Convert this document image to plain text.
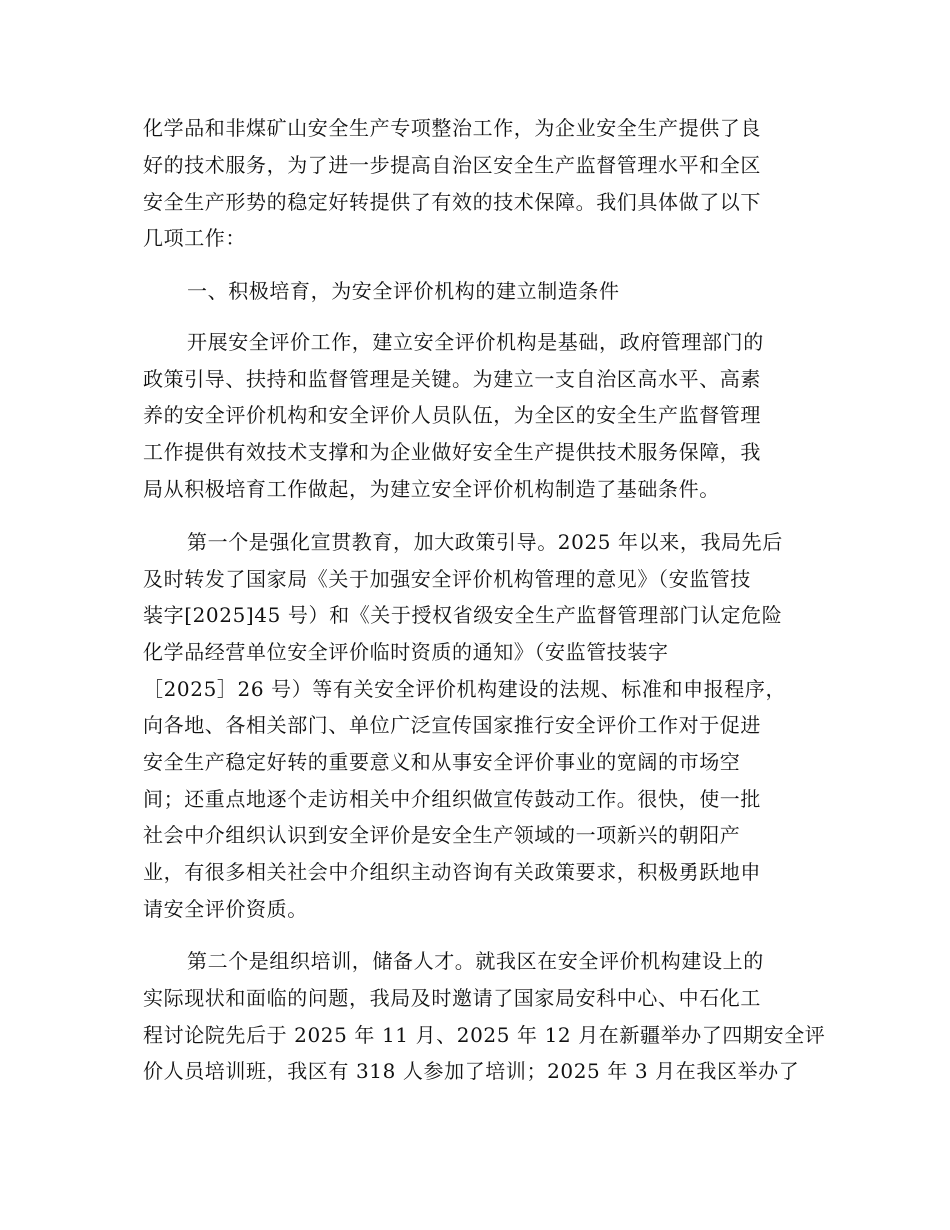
化学品和非煤矿山安全生产专项整治工作，为企业安全生产提供了良
好的技术服务，为了进一步提高自治区安全生产监督管理水平和全区
安全生产形势的稳定好转提供了有效的技术保障。我们具体做了以下
几项工作：
一、积极培育，为安全评价机构的建立制造条件
开展安全评价工作，建立安全评价机构是基础，政府管理部门的
政策引导、扶持和监督管理是关键。为建立一支自治区高水平、高素
养的安全评价机构和安全评价人员队伍，为全区的安全生产监督管理
工作提供有效技术支撑和为企业做好安全生产提供技术服务保障，我
局从积极培育工作做起，为建立安全评价机构制造了基础条件。
第一个是强化宣贯教育，加大政策引导。2025 年以来，我局先后
及时转发了国家局《关于加强安全评价机构管理的意见》（安监管技
装字[2025]45 号）和《关于授权省级安全生产监督管理部门认定危险
化学品经营单位安全评价临时资质的通知》（安监管技装字
［2025］26 号）等有关安全评价机构建设的法规、标准和申报程序，
向各地、各相关部门、单位广泛宣传国家推行安全评价工作对于促进
安全生产稳定好转的重要意义和从事安全评价事业的宽阔的市场空
间；还重点地逐个走访相关中介组织做宣传鼓动工作。很快，使一批
社会中介组织认识到安全评价是安全生产领域的一项新兴的朝阳产
业，有很多相关社会中介组织主动咨询有关政策要求，积极勇跃地申
请安全评价资质。
第二个是组织培训，储备人才。就我区在安全评价机构建设上的
实际现状和面临的问题，我局及时邀请了国家局安科中心、中石化工
程讨论院先后于 2025 年 11 月、2025 年 12 月在新疆举办了四期安全评
价人员培训班，我区有 318 人参加了培训；2025 年 3 月在我区举办了
